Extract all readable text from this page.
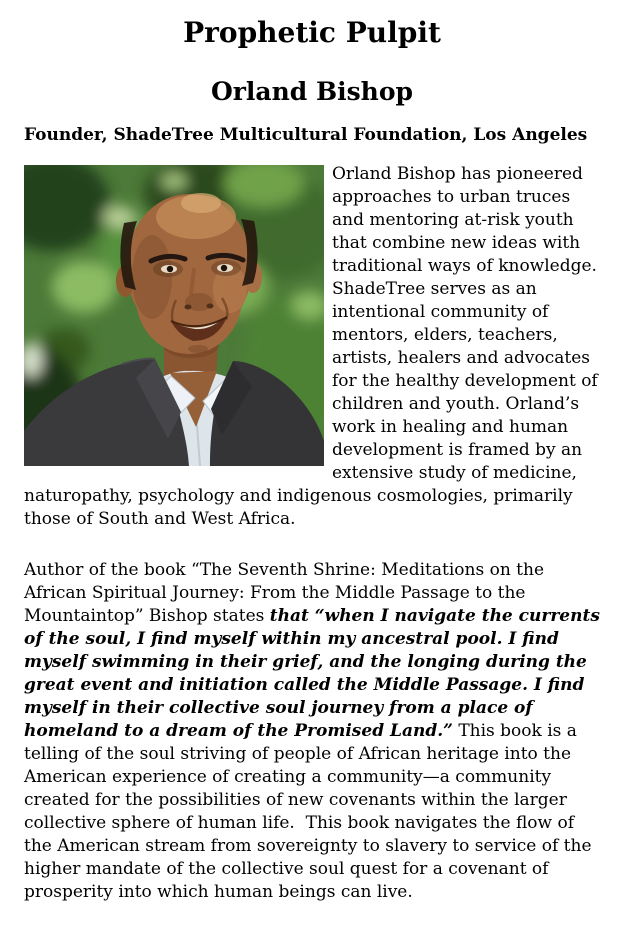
Prophetic Pulpit
Orland Bishop

Founder, ShadeTree Multicultural Foundation, Los Angeles

Orland Bishop has pioneered approaches to urban truces and mentoring at-risk youth that combine new ideas with traditional ways of knowledge. ShadeTree serves as an intentional community of mentors, elders, teachers, artists, healers and advocates for the healthy development of children and youth. Orland’s work in healing and human development is framed by an extensive study of medicine, naturopathy, psychology and indigenous cosmologies, primarily those of South and West Africa.

Author of the book “The Seventh Shrine: Meditations on the African Spiritual Journey: From the Middle Passage to the Mountaintop” Bishop states that “when I navigate the currents of the soul, I find myself within my ancestral pool. I find myself swimming in their grief, and the longing during the great event and initiation called the Middle Passage. I find myself in their collective soul journey from a place of homeland to a dream of the Promised Land.” This book is a telling of the soul striving of people of African heritage into the American experience of creating a community—a community created for the possibilities of new covenants within the larger collective sphere of human life.  This book navigates the flow of the American stream from sovereignty to slavery to service of the higher mandate of the collective soul quest for a covenant of prosperity into which human beings can live.
